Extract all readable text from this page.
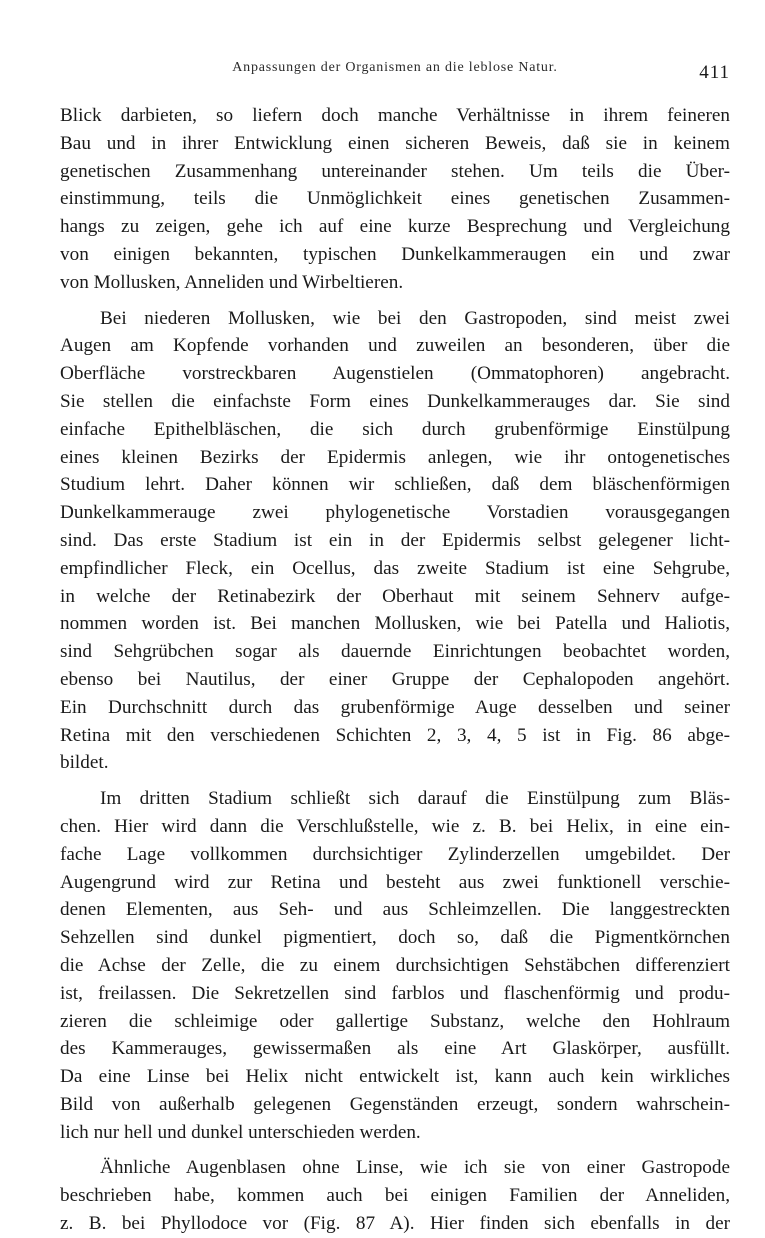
Anpassungen der Organismen an die leblose Natur.	411
Blick darbieten, so liefern doch manche Verhältnisse in ihrem feineren
Bau und in ihrer Entwicklung einen sicheren Beweis, daß sie in keinem
genetischen Zusammenhang untereinander stehen. Um teils die Über-
einstimmung, teils die Unmöglichkeit eines genetischen Zusammen-
hangs zu zeigen, gehe ich auf eine kurze Besprechung und Vergleichung
von einigen bekannten, typischen Dunkelkammeraugen ein und zwar
von Mollusken, Anneliden und Wirbeltieren.
Bei niederen Mollusken, wie bei den Gastropoden, sind meist zwei
Augen am Kopfende vorhanden und zuweilen an besonderen, über die
Oberfläche vorstreckbaren Augenstielen (Ommatophoren) angebracht.
Sie stellen die einfachste Form eines Dunkelkammerauges dar. Sie sind
einfache Epithelbläschen, die sich durch grubenförmige Einstülpung
eines kleinen Bezirks der Epidermis anlegen, wie ihr ontogenetisches
Studium lehrt. Daher können wir schließen, daß dem bläschenförmigen
Dunkelkammerauge zwei phylogenetische Vorstadien vorausgegangen
sind. Das erste Stadium ist ein in der Epidermis selbst gelegener licht-
empfindlicher Fleck, ein Ocellus, das zweite Stadium ist eine Sehgrube,
in welche der Retinabezirk der Oberhaut mit seinem Sehnerv aufge-
nommen worden ist. Bei manchen Mollusken, wie bei Patella und Haliotis,
sind Sehgrübchen sogar als dauernde Einrichtungen beobachtet worden,
ebenso bei Nautilus, der einer Gruppe der Cephalopoden angehört.
Ein Durchschnitt durch das grubenförmige Auge desselben und seiner
Retina mit den verschiedenen Schichten 2, 3, 4, 5 ist in Fig. 86 abge-
bildet.
Im dritten Stadium schließt sich darauf die Einstülpung zum Bläs-
chen. Hier wird dann die Verschlußstelle, wie z. B. bei Helix, in eine ein-
fache Lage vollkommen durchsichtiger Zylinderzellen umgebildet. Der
Augengrund wird zur Retina und besteht aus zwei funktionell verschie-
denen Elementen, aus Seh- und aus Schleimzellen. Die langgestreckten
Sehzellen sind dunkel pigmentiert, doch so, daß die Pigmentkörnchen
die Achse der Zelle, die zu einem durchsichtigen Sehstäbchen differenziert
ist, freilassen. Die Sekretzellen sind farblos und flaschenförmig und produ-
zieren die schleimige oder gallertige Substanz, welche den Hohlraum
des Kammerauges, gewissermaßen als eine Art Glaskörper, ausfüllt.
Da eine Linse bei Helix nicht entwickelt ist, kann auch kein wirkliches
Bild von außerhalb gelegenen Gegenständen erzeugt, sondern wahrschein-
lich nur hell und dunkel unterschieden werden.
Ähnliche Augenblasen ohne Linse, wie ich sie von einer Gastropode
beschrieben habe, kommen auch bei einigen Familien der Anneliden,
z. B. bei Phyllodoce vor (Fig. 87 A). Hier finden sich ebenfalls in der
